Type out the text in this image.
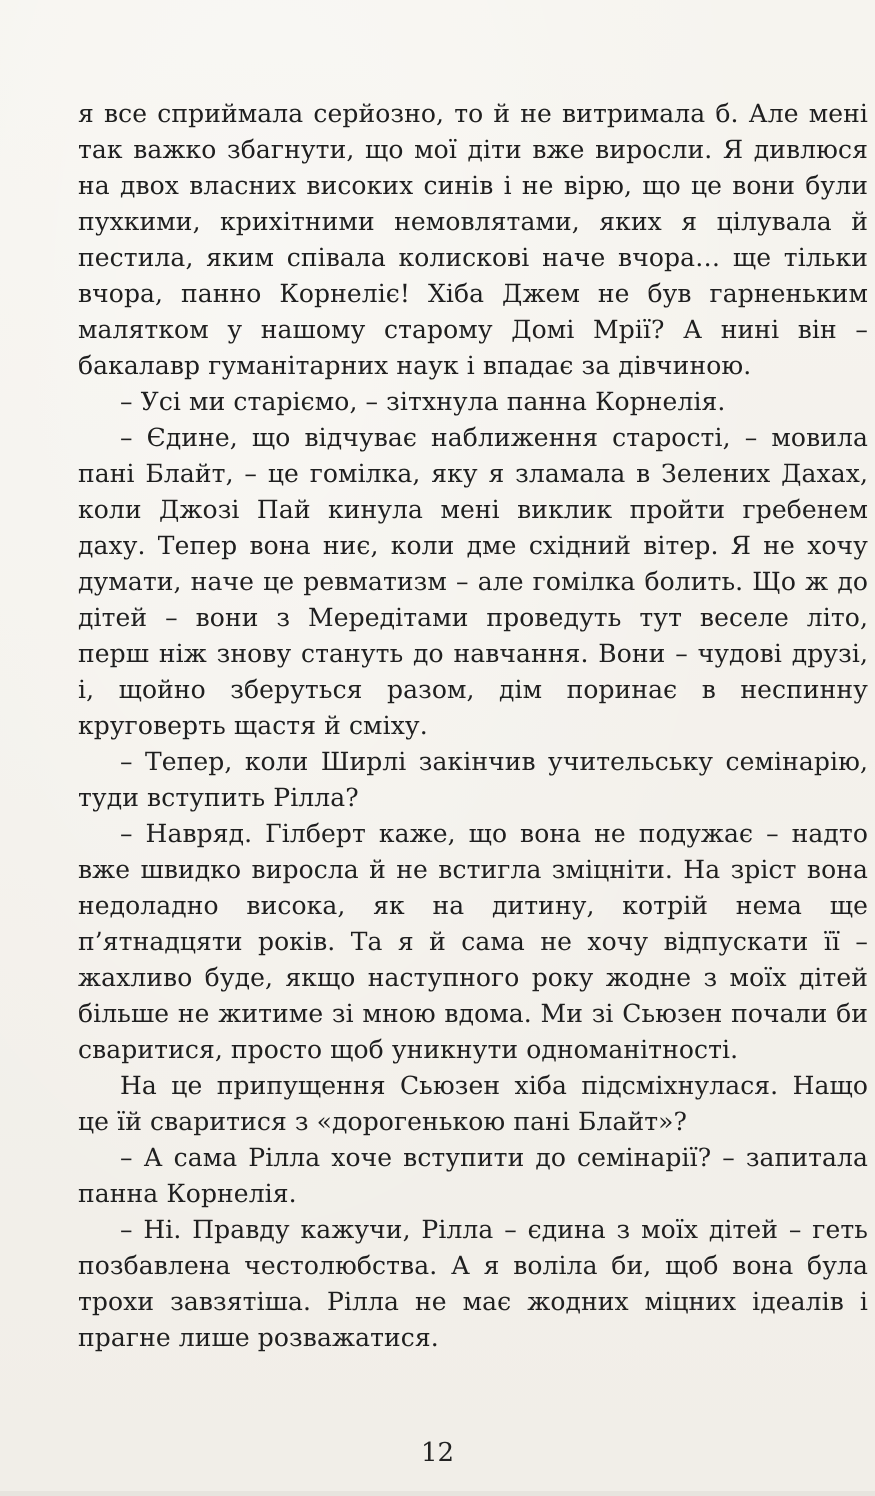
я все сприймала серйозно, то й не витримала б. Але мені так важко збагнути, що мої діти вже виросли. Я дивлюся на двох власних високих синів і не вірю, що це вони були пухкими, крихітними немовлятами, яких я цілувала й пестила, яким співала колискові наче вчора… ще тільки вчора, панно Корнеліє! Хіба Джем не був гарненьким малятком у нашому старому Домі Мрії? А нині він – бакалавр гуманітарних наук і впадає за дівчиною.

– Усі ми старіємо, – зітхнула панна Корнелія.

– Єдине, що відчуває наближення старості, – мовила пані Блайт, – це гомілка, яку я зламала в Зелених Дахах, коли Джозі Пай кинула мені виклик пройти гребенем даху. Тепер вона ниє, коли дме східний вітер. Я не хочу думати, наче це ревматизм – але гомілка болить. Що ж до дітей – вони з Мередітами проведуть тут веселе літо, перш ніж знову стануть до навчання. Вони – чудові друзі, і, щойно зберуться разом, дім поринає в неспинну круговерть щастя й сміху.

– Тепер, коли Ширлі закінчив учительську семінарію, туди вступить Рілла?

– Навряд. Гілберт каже, що вона не подужає – надто вже швидко виросла й не встигла зміцніти. На зріст вона недоладно висока, як на дитину, котрій нема ще п’ятнадцяти років. Та я й сама не хочу відпускати її – жахливо буде, якщо наступного року жодне з моїх дітей більше не житиме зі мною вдома. Ми зі Сьюзен почали би сваритися, просто щоб уникнути одноманітності.

На це припущення Сьюзен хіба підсміхнулася. Нащо це їй сваритися з «дорогенькою пані Блайт»?

– А сама Рілла хоче вступити до семінарії? – запитала панна Корнелія.

– Ні. Правду кажучи, Рілла – єдина з моїх дітей – геть позбавлена честолюбства. А я воліла би, щоб вона була трохи завзятіша. Рілла не має жодних міцних ідеалів і прагне лише розважатися.

12
